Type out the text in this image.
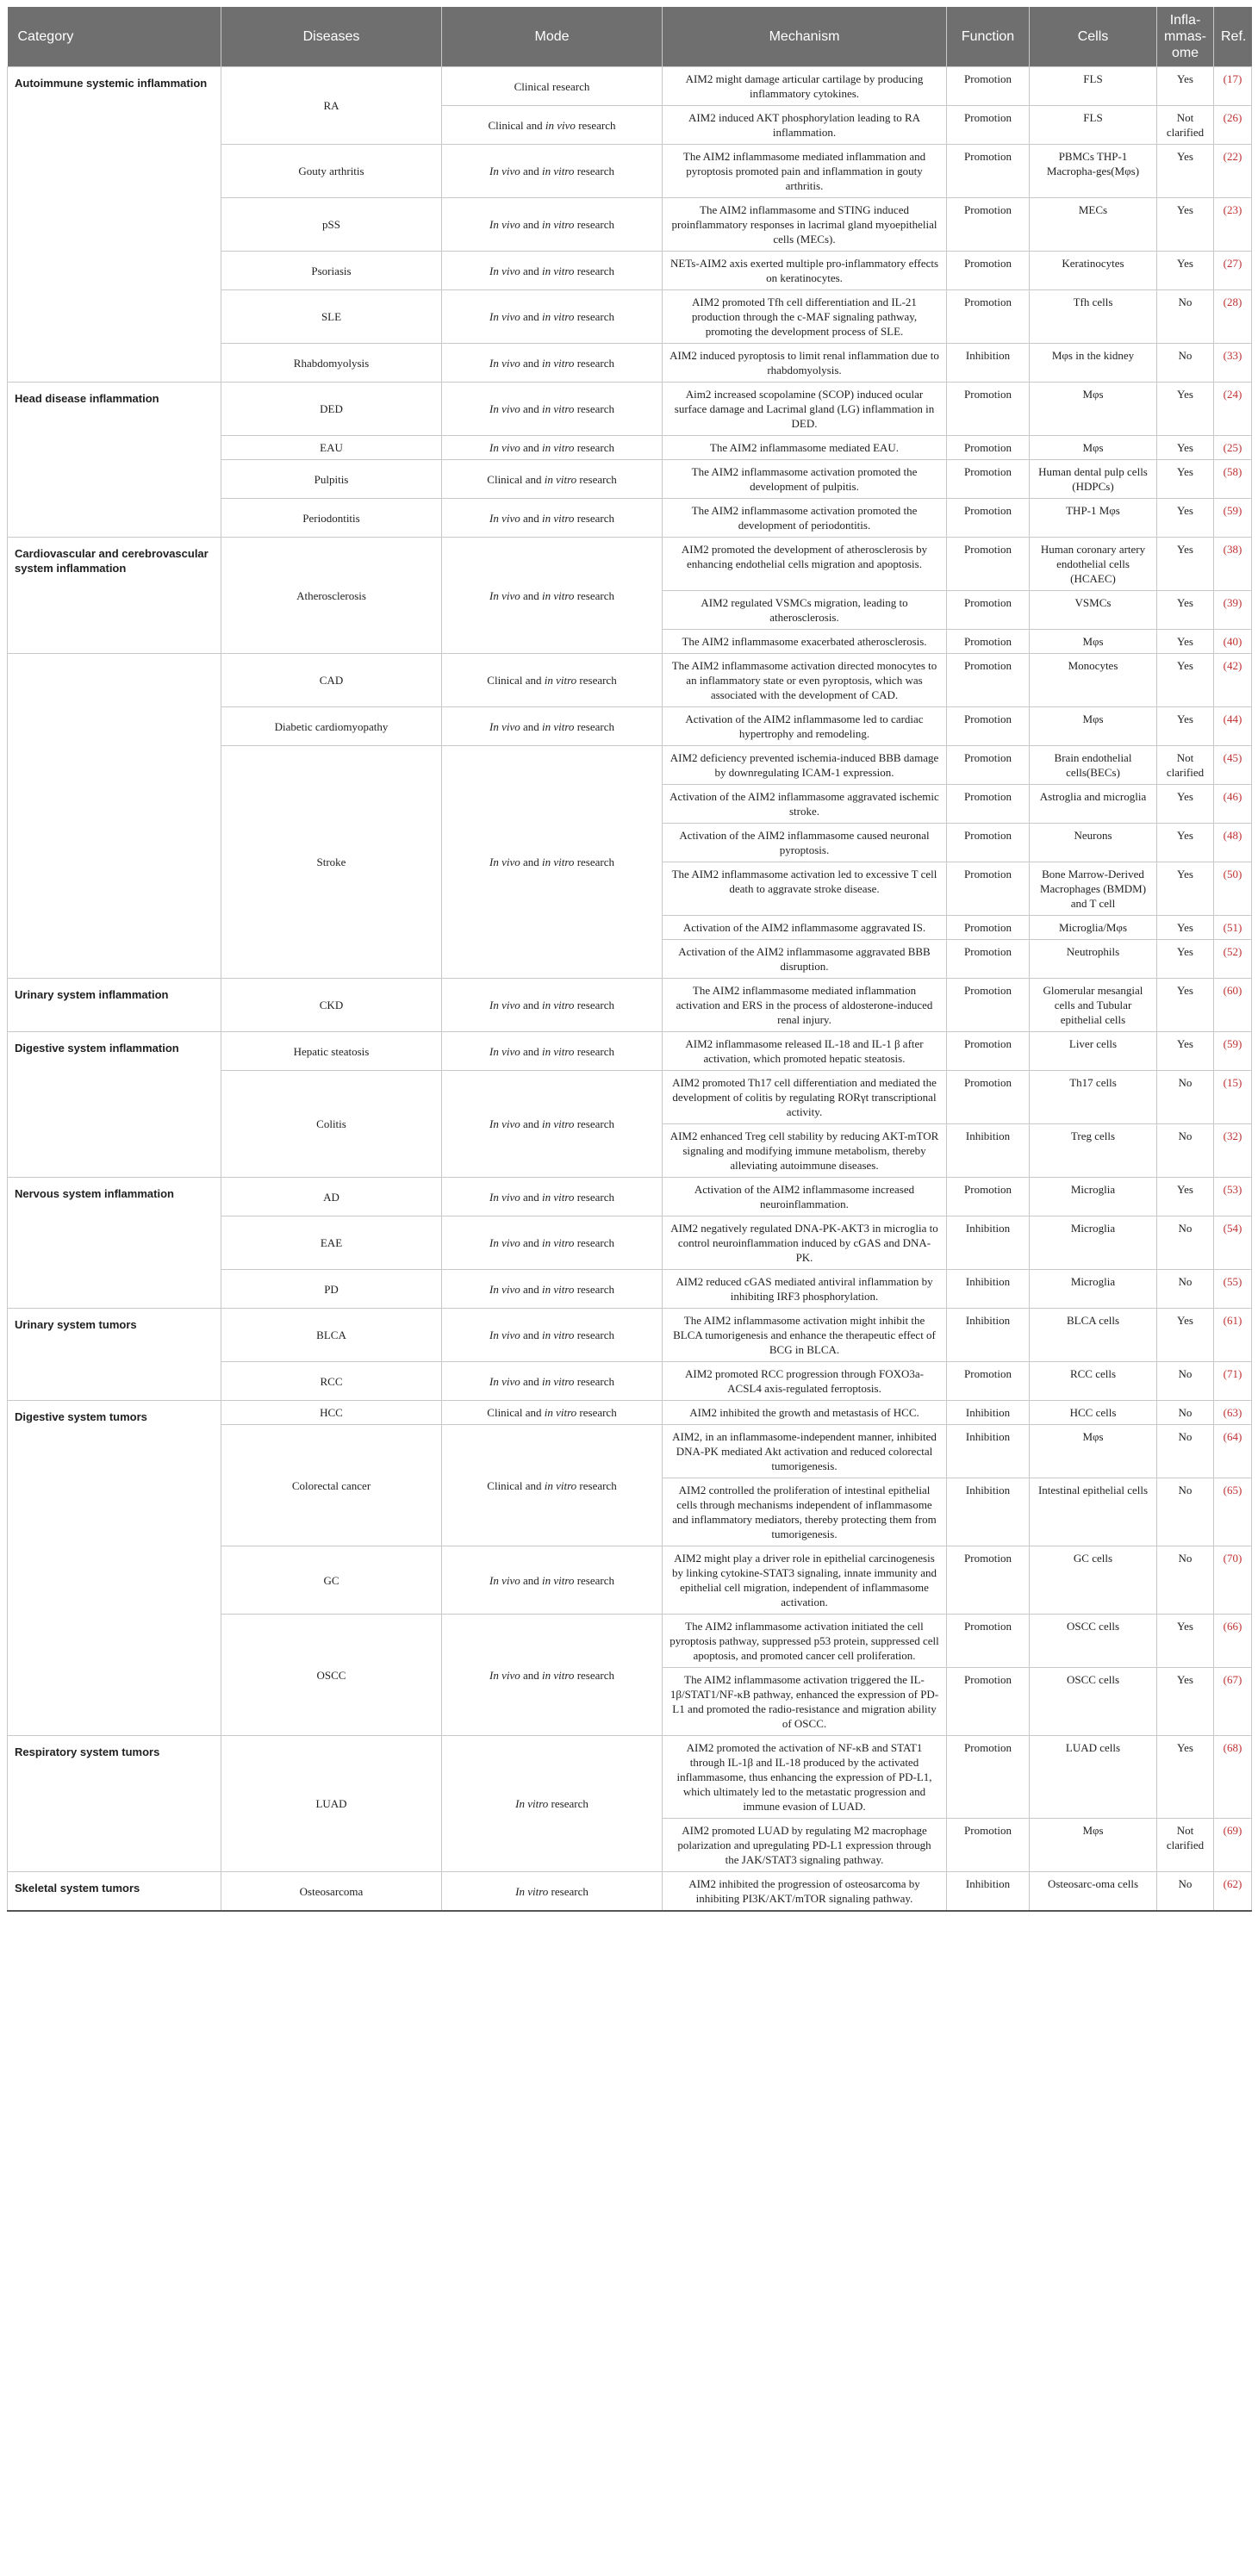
Category	Diseases	Mode	Mechanism	Function	Cells	Infla-
mmas-
ome	Ref.
Autoimmune systemic inflammation	RA	Clinical research	AIM2 might damage articular cartilage by producing inflammatory cytokines.	Promotion	FLS	Yes	(17)
		Clinical and in vivo research	AIM2 induced AKT phosphorylation leading to RA inflammation.	Promotion	FLS	Not clarified	(26)
	Gouty arthritis	In vivo and in vitro research	The AIM2 inflammasome mediated inflammation and pyroptosis promoted pain and inflammation in gouty arthritis.	Promotion	PBMCs THP-1 Macropha-ges(Mφs)	Yes	(22)
	pSS	In vivo and in vitro research	The AIM2 inflammasome and STING induced proinflammatory responses in lacrimal gland myoepithelial cells (MECs).	Promotion	MECs	Yes	(23)
	Psoriasis	In vivo and in vitro research	NETs-AIM2 axis exerted multiple pro-inflammatory effects on keratinocytes.	Promotion	Keratinocytes	Yes	(27)
	SLE	In vivo and in vitro research	AIM2 promoted Tfh cell differentiation and IL-21 production through the c-MAF signaling pathway, promoting the development process of SLE.	Promotion	Tfh cells	No	(28)
	Rhabdomyolysis	In vivo and in vitro research	AIM2 induced pyroptosis to limit renal inflammation due to rhabdomyolysis.	Inhibition	Mφs in the kidney	No	(33)
Head disease inflammation	DED	In vivo and in vitro research	Aim2 increased scopolamine (SCOP) induced ocular surface damage and Lacrimal gland (LG) inflammation in DED.	Promotion	Mφs	Yes	(24)
	EAU	In vivo and in vitro research	The AIM2 inflammasome mediated EAU.	Promotion	Mφs	Yes	(25)
	Pulpitis	Clinical and in vitro research	The AIM2 inflammasome activation promoted the development of pulpitis.	Promotion	Human dental pulp cells (HDPCs)	Yes	(58)
	Periodontitis	In vivo and in vitro research	The AIM2 inflammasome activation promoted the development of periodontitis.	Promotion	THP-1 Mφs	Yes	(59)
Cardiovascular and cerebrovascular system inflammation	Atherosclerosis	In vivo and in vitro research	AIM2 promoted the development of atherosclerosis by enhancing endothelial cells migration and apoptosis.	Promotion	Human coronary artery endothelial cells (HCAEC)	Yes	(38)
			AIM2 regulated VSMCs migration, leading to atherosclerosis.	Promotion	VSMCs	Yes	(39)
			The AIM2 inflammasome exacerbated atherosclerosis.	Promotion	Mφs	Yes	(40)
	CAD	Clinical and in vitro research	The AIM2 inflammasome activation directed monocytes to an inflammatory state or even pyroptosis, which was associated with the development of CAD.	Promotion	Monocytes	Yes	(42)
	Diabetic cardiomyopathy	In vivo and in vitro research	Activation of the AIM2 inflammasome led to cardiac hypertrophy and remodeling.	Promotion	Mφs	Yes	(44)
	Stroke	In vivo and in vitro research	AIM2 deficiency prevented ischemia-induced BBB damage by downregulating ICAM-1 expression.	Promotion	Brain endothelial cells(BECs)	Not clarified	(45)
			Activation of the AIM2 inflammasome aggravated ischemic stroke.	Promotion	Astroglia and microglia	Yes	(46)
			Activation of the AIM2 inflammasome caused neuronal pyroptosis.	Promotion	Neurons	Yes	(48)
			The AIM2 inflammasome activation led to excessive T cell death to aggravate stroke disease.	Promotion	Bone Marrow-Derived Macrophages (BMDM) and T cell	Yes	(50)
			Activation of the AIM2 inflammasome aggravated IS.	Promotion	Microglia/Mφs	Yes	(51)
			Activation of the AIM2 inflammasome aggravated BBB disruption.	Promotion	Neutrophils	Yes	(52)
Urinary system inflammation	CKD	In vivo and in vitro research	The AIM2 inflammasome mediated inflammation activation and ERS in the process of aldosterone-induced renal injury.	Promotion	Glomerular mesangial cells and Tubular epithelial cells	Yes	(60)
Digestive system inflammation	Hepatic steatosis	In vivo and in vitro research	AIM2 inflammasome released IL-18 and IL-1 β after activation, which promoted hepatic steatosis.	Promotion	Liver cells	Yes	(59)
	Colitis	In vivo and in vitro research	AIM2 promoted Th17 cell differentiation and mediated the development of colitis by regulating RORγt transcriptional activity.	Promotion	Th17 cells	No	(15)
			AIM2 enhanced Treg cell stability by reducing AKT-mTOR signaling and modifying immune metabolism, thereby alleviating autoimmune diseases.	Inhibition	Treg cells	No	(32)
Nervous system inflammation	AD	In vivo and in vitro research	Activation of the AIM2 inflammasome increased neuroinflammation.	Promotion	Microglia	Yes	(53)
	EAE	In vivo and in vitro research	AIM2 negatively regulated DNA-PK-AKT3 in microglia to control neuroinflammation induced by cGAS and DNA-PK.	Inhibition	Microglia	No	(54)
	PD	In vivo and in vitro research	AIM2 reduced cGAS mediated antiviral inflammation by inhibiting IRF3 phosphorylation.	Inhibition	Microglia	No	(55)
Urinary system tumors	BLCA	In vivo and in vitro research	The AIM2 inflammasome activation might inhibit the BLCA tumorigenesis and enhance the therapeutic effect of BCG in BLCA.	Inhibition	BLCA cells	Yes	(61)
	RCC	In vivo and in vitro research	AIM2 promoted RCC progression through FOXO3a-ACSL4 axis-regulated ferroptosis.	Promotion	RCC cells	No	(71)
Digestive system tumors	HCC	Clinical and in vitro research	AIM2 inhibited the growth and metastasis of HCC.	Inhibition	HCC cells	No	(63)
	Colorectal cancer	Clinical and in vitro research	AIM2, in an inflammasome-independent manner, inhibited DNA-PK mediated Akt activation and reduced colorectal tumorigenesis.	Inhibition	Mφs	No	(64)
			AIM2 controlled the proliferation of intestinal epithelial cells through mechanisms independent of inflammasome and inflammatory mediators, thereby protecting them from tumorigenesis.	Inhibition	Intestinal epithelial cells	No	(65)
	GC	In vivo and in vitro research	AIM2 might play a driver role in epithelial carcinogenesis by linking cytokine-STAT3 signaling, innate immunity and epithelial cell migration, independent of inflammasome activation.	Promotion	GC cells	No	(70)
	OSCC	In vivo and in vitro research	The AIM2 inflammasome activation initiated the cell pyroptosis pathway, suppressed p53 protein, suppressed cell apoptosis, and promoted cancer cell proliferation.	Promotion	OSCC cells	Yes	(66)
			The AIM2 inflammasome activation triggered the IL-1β/STAT1/NF-κB pathway, enhanced the expression of PD-L1 and promoted the radio-resistance and migration ability of OSCC.	Promotion	OSCC cells	Yes	(67)
Respiratory system tumors	LUAD	In vitro research	AIM2 promoted the activation of NF-κB and STAT1 through IL-1β and IL-18 produced by the activated inflammasome, thus enhancing the expression of PD-L1, which ultimately led to the metastatic progression and immune evasion of LUAD.	Promotion	LUAD cells	Yes	(68)
			AIM2 promoted LUAD by regulating M2 macrophage polarization and upregulating PD-L1 expression through the JAK/STAT3 signaling pathway.	Promotion	Mφs	Not clarified	(69)
Skeletal system tumors	Osteosarcoma	In vitro research	AIM2 inhibited the progression of osteosarcoma by inhibiting PI3K/AKT/mTOR signaling pathway.	Inhibition	Osteosarc-oma cells	No	(62)
